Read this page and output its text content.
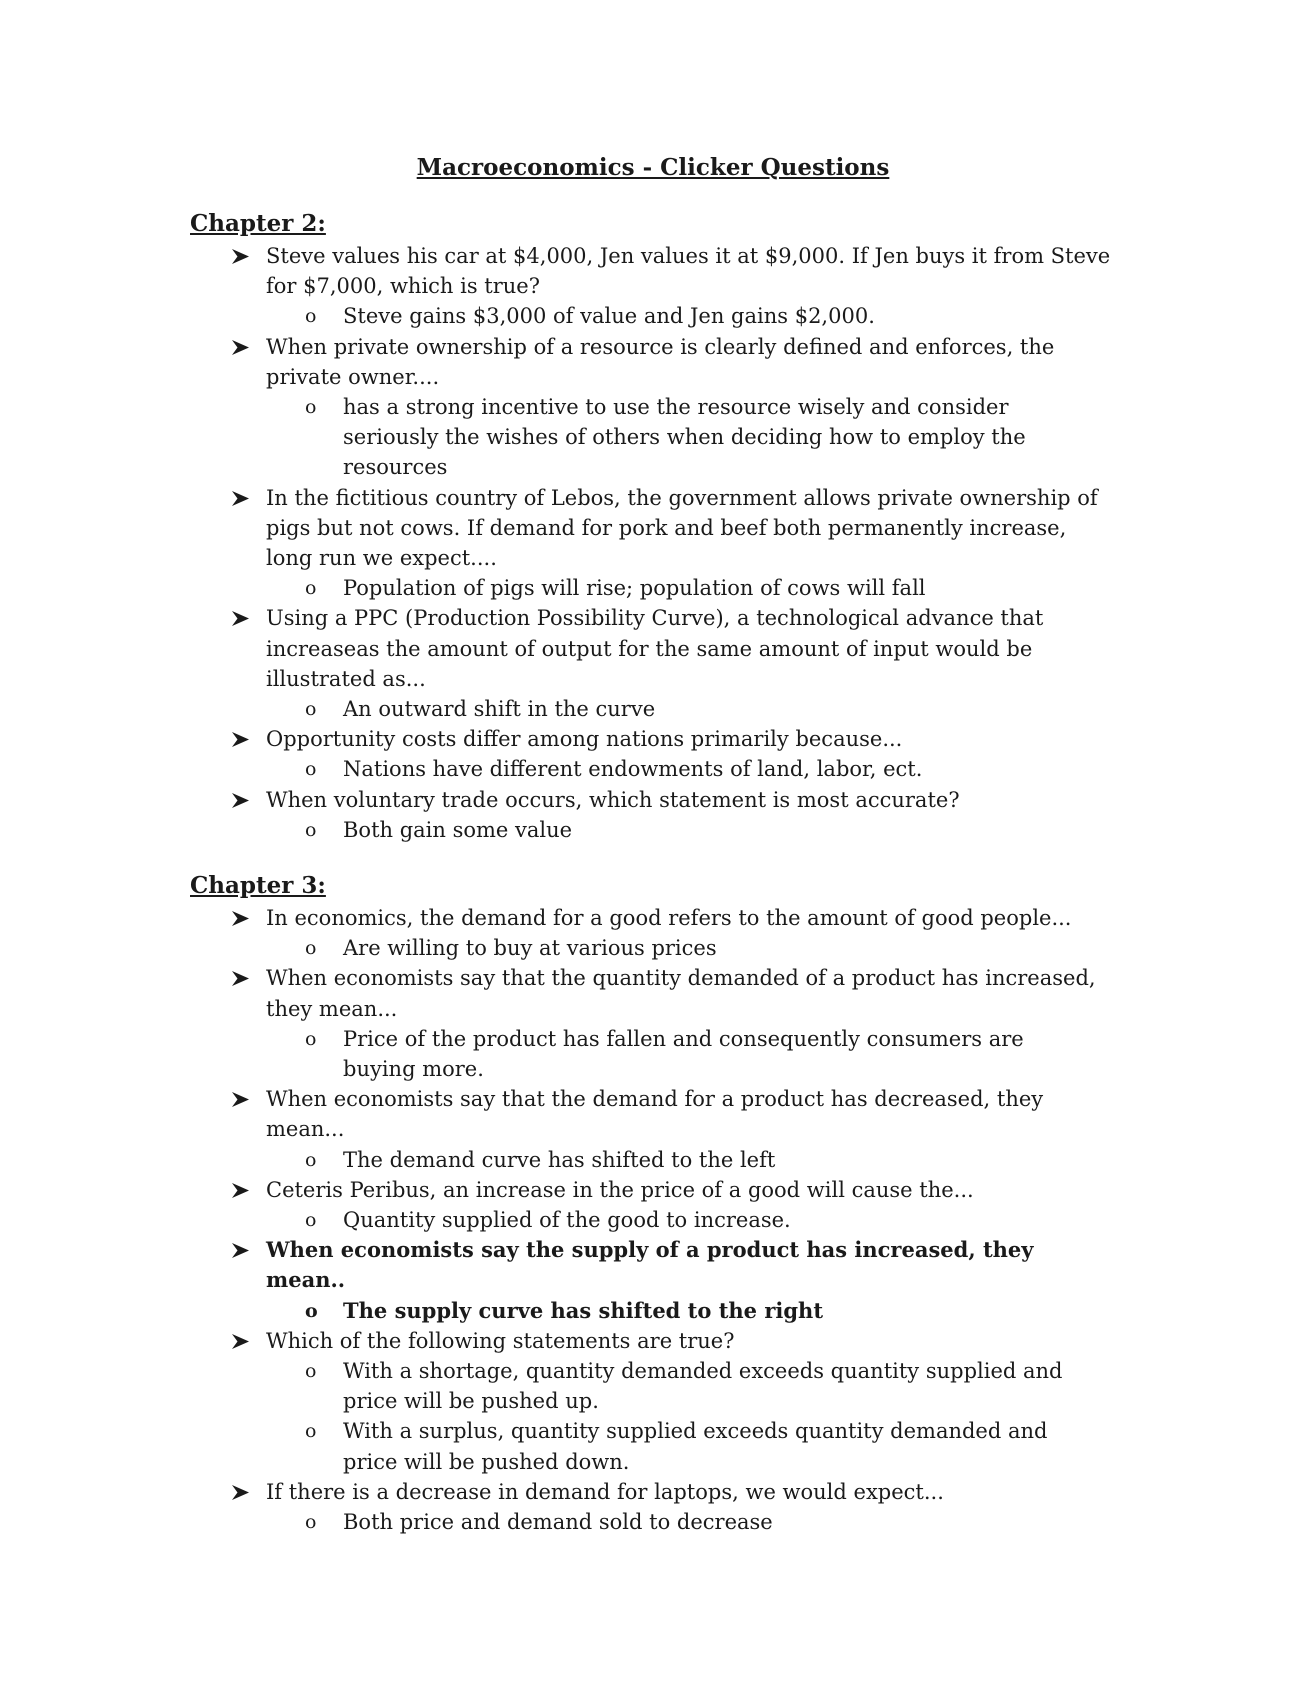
Macroeconomics - Clicker Questions
Chapter 2:
Steve values his car at $4,000, Jen values it at $9,000. If Jen buys it from Steve for $7,000, which is true?
o Steve gains $3,000 of value and Jen gains $2,000.
When private ownership of a resource is clearly defined and enforces, the private owner....
o has a strong incentive to use the resource wisely and consider seriously the wishes of others when deciding how to employ the resources
In the fictitious country of Lebos, the government allows private ownership of pigs but not cows. If demand for pork and beef both permanently increase, long run we expect....
o Population of pigs will rise; population of cows will fall
Using a PPC (Production Possibility Curve), a technological advance that increaseas the amount of output for the same amount of input would be illustrated as...
o An outward shift in the curve
Opportunity costs differ among nations primarily because...
o Nations have different endowments of land, labor, ect.
When voluntary trade occurs, which statement is most accurate?
o Both gain some value
Chapter 3:
In economics, the demand for a good refers to the amount of good people...
o Are willing to buy at various prices
When economists say that the quantity demanded of a product has increased, they mean...
o Price of the product has fallen and consequently consumers are buying more.
When economists say that the demand for a product has decreased, they mean...
o The demand curve has shifted to the left
Ceteris Peribus, an increase in the price of a good will cause the...
o Quantity supplied of the good to increase.
When economists say the supply of a product has increased, they mean..
o The supply curve has shifted to the right
Which of the following statements are true?
o With a shortage, quantity demanded exceeds quantity supplied and price will be pushed up.
o With a surplus, quantity supplied exceeds quantity demanded and price will be pushed down.
If there is a decrease in demand for laptops, we would expect...
o Both price and demand sold to decrease
